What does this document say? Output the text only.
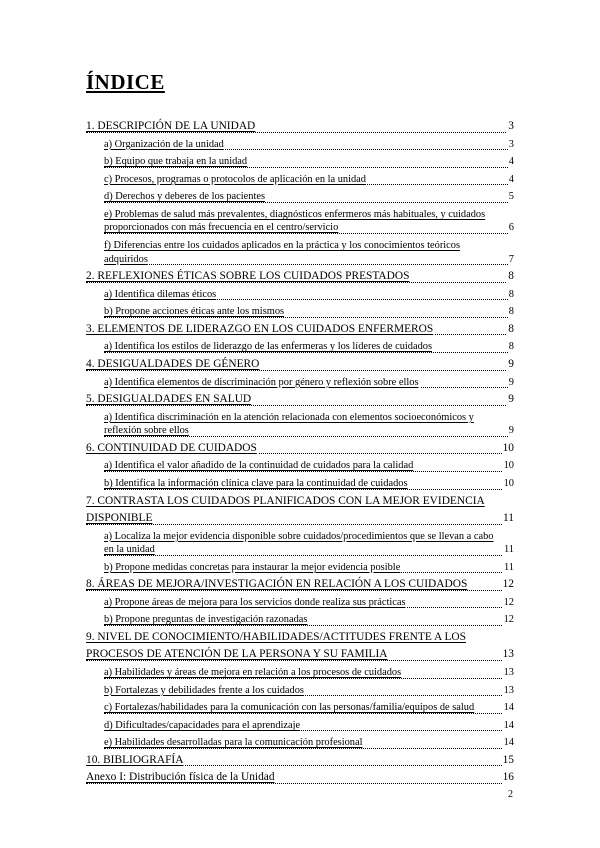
ÍNDICE
1. DESCRIPCIÓN DE LA UNIDAD	3
a) Organización de la unidad	3
b) Equipo que trabaja en la unidad	4
c) Procesos, programas o protocolos de aplicación en la unidad	4
d) Derechos y deberes de los pacientes	5
e) Problemas de salud más prevalentes, diagnósticos enfermeros más habituales, y cuidados proporcionados con más frecuencia en el centro/servicio	6
f) Diferencias entre los cuidados aplicados en la práctica y los conocimientos teóricos adquiridos	7
2. REFLEXIONES ÉTICAS SOBRE LOS CUIDADOS PRESTADOS	8
a) Identifica dilemas éticos	8
b) Propone acciones éticas ante los mismos	8
3. ELEMENTOS DE LIDERAZGO EN LOS CUIDADOS ENFERMEROS	8
a) Identifica los estilos de liderazgo de las enfermeras y los líderes de cuidados	8
4. DESIGUALDADES DE GÉNERO	9
a) Identifica elementos de discriminación por género y reflexión sobre ellos	9
5. DESIGUALDADES EN SALUD	9
a) Identifica discriminación en la atención relacionada con elementos socioeconómicos y reflexión sobre ellos	9
6. CONTINUIDAD DE CUIDADOS	10
a) Identifica el valor añadido de la continuidad de cuidados para la calidad	10
b) Identifica la información clínica clave para la continuidad de cuidados	10
7. CONTRASTA LOS CUIDADOS PLANIFICADOS CON LA MEJOR EVIDENCIA DISPONIBLE	11
a) Localiza la mejor evidencia disponible sobre cuidados/procedimientos que se llevan a cabo en la unidad	11
b) Propone medidas concretas para instaurar la mejor evidencia posible	11
8. ÁREAS DE MEJORA/INVESTIGACIÓN EN RELACIÓN A LOS CUIDADOS	12
a) Propone áreas de mejora para los servicios donde realiza sus prácticas	12
b) Propone preguntas de investigación razonadas	12
9. NIVEL DE CONOCIMIENTO/HABILIDADES/ACTITUDES FRENTE A LOS PROCESOS DE ATENCIÓN DE LA PERSONA Y SU FAMILIA	13
a) Habilidades y áreas de mejora en relación a los procesos de cuidados	13
b) Fortalezas y debilidades frente a los cuidados	13
c) Fortalezas/habilidades para la comunicación con las personas/familia/equipos de salud	14
d) Dificultades/capacidades para el aprendizaje	14
e) Habilidades desarrolladas para la comunicación profesional	14
10. BIBLIOGRAFÍA	15
Anexo I: Distribución física de la Unidad	16
2
